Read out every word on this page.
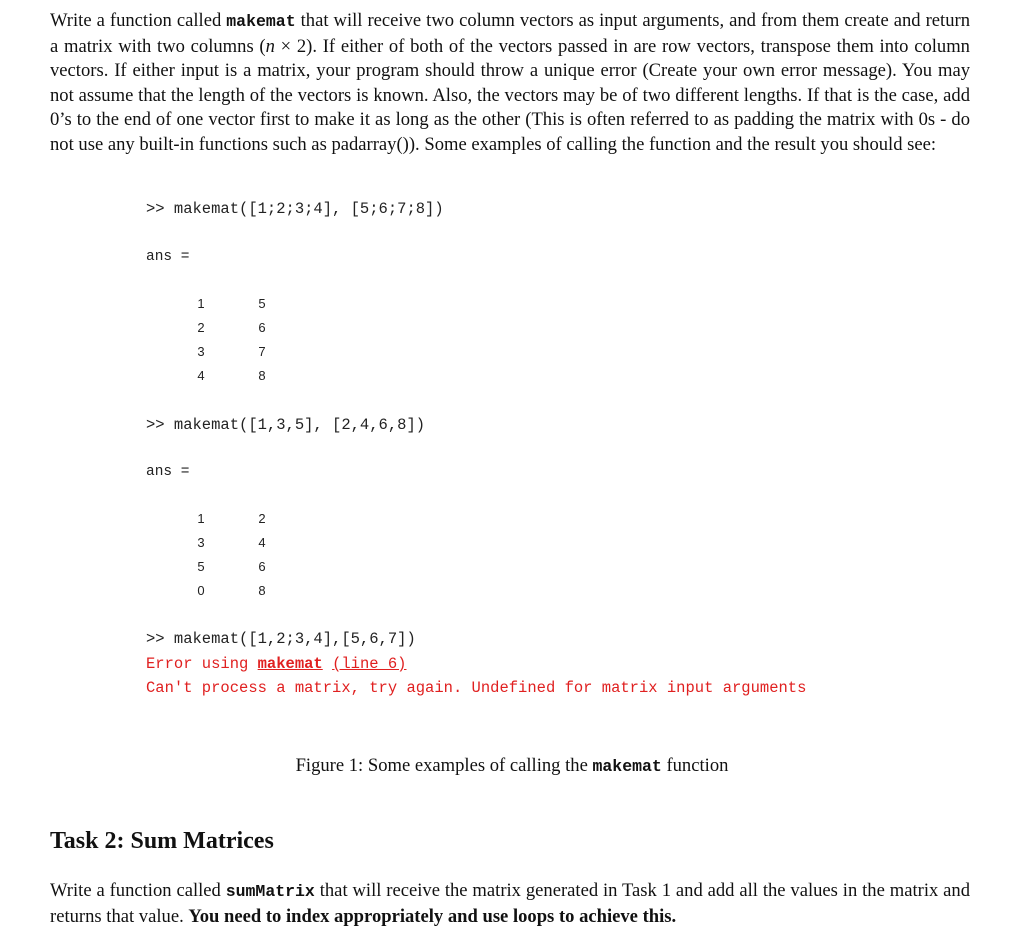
Write a function called makemat that will receive two column vectors as input arguments, and from them create and return a matrix with two columns (n × 2). If either of both of the vectors passed in are row vectors, transpose them into column vectors. If either input is a matrix, your program should throw a unique error (Create your own error message). You may not assume that the length of the vectors is known. Also, the vectors may be of two different lengths. If that is the case, add 0’s to the end of one vector first to make it as long as the other (This is often referred to as padding the matrix with 0s - do not use any built-in functions such as padarray()). Some examples of calling the function and the result you should see:
>> makemat([1;2;3;4], [5;6;7;8])
ans =
1	5
2	6
3	7
4	8
>> makemat([1,3,5], [2,4,6,8])
ans =
1	2
3	4
5	6
0	8
>> makemat([1,2;3,4],[5,6,7])
Error using makemat (line 6)
Can't process a matrix, try again. Undefined for matrix input arguments
Figure 1: Some examples of calling the makemat function
Task 2: Sum Matrices
Write a function called sumMatrix that will receive the matrix generated in Task 1 and add all the values in the matrix and returns that value. You need to index appropriately and use loops to achieve this.
